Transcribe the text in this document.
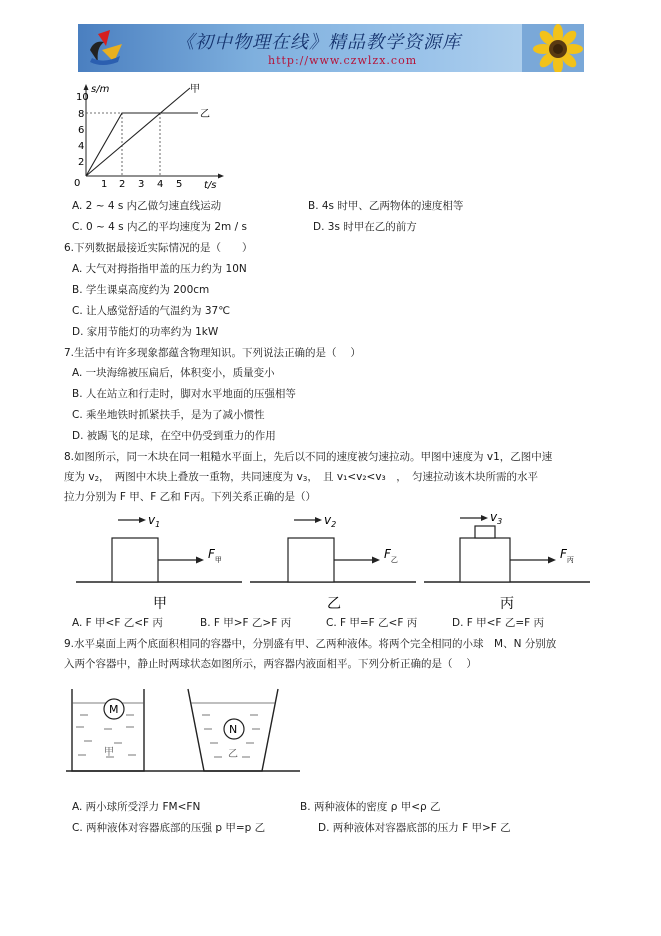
《初中物理在线》精品教学资源库
http://www.czwlzx.com
10
8
6
4
2
0 1 2 3 4 5
s/m
t/s
甲
乙
A. 2 ~ 4 s 内乙做匀速直线运动	B. 4s 时甲、乙两物体的速度相等
C. 0 ~ 4 s 内乙的平均速度为 2m / s	D. 3s 时甲在乙的前方
6.下列数据最接近实际情况的是（　　）
A. 大气对拇指指甲盖的压力约为 10N
B. 学生课桌高度约为 200cm
C. 让人感觉舒适的气温约为 37℃
D. 家用节能灯的功率约为 1kW
7.生活中有许多现象都蕴含物理知识。下列说法正确的是（　 ）
A. 一块海绵被压扁后，体积变小，质量变小
B. 人在站立和行走时，脚对水平地面的压强相等
C. 乘坐地铁时抓紧扶手，是为了减小惯性
D. 被踢飞的足球，在空中仍受到重力的作用
8.如图所示，同一木块在同一粗糙水平面上，先后以不同的速度被匀速拉动。甲图中速度为 v1，乙图中速
度为 v2，　两图中木块上叠放一重物，共同速度为 v3，　且 v₁<v₂<v₃　，　匀速拉动该木块所需的水平
拉力分别为 F 甲、F 乙和 F丙。下列关系正确的是（）
$v_1$
$F_甲$
甲
$v_2$
$F_乙$
乙
$v_3$
$F_丙$
丙
A. F 甲<F 乙<F 丙	B. F 甲>F 乙>F 丙	C. F 甲=F 乙<F 丙	D. F 甲<F 乙=F 丙
9.水平桌面上两个底面积相同的容器中，分别盛有甲、乙两种液体。将两个完全相同的小球　M、N 分别放
入两个容器中，静止时两球状态如图所示，两容器内液面相平。下列分析正确的是（　 ）
M
甲
N
乙
A. 两小球所受浮力 FM<FN	B. 两种液体的密度 ρ 甲<ρ 乙
C. 两种液体对容器底部的压强 p 甲=p 乙	D. 两种液体对容器底部的压力 F 甲>F 乙
